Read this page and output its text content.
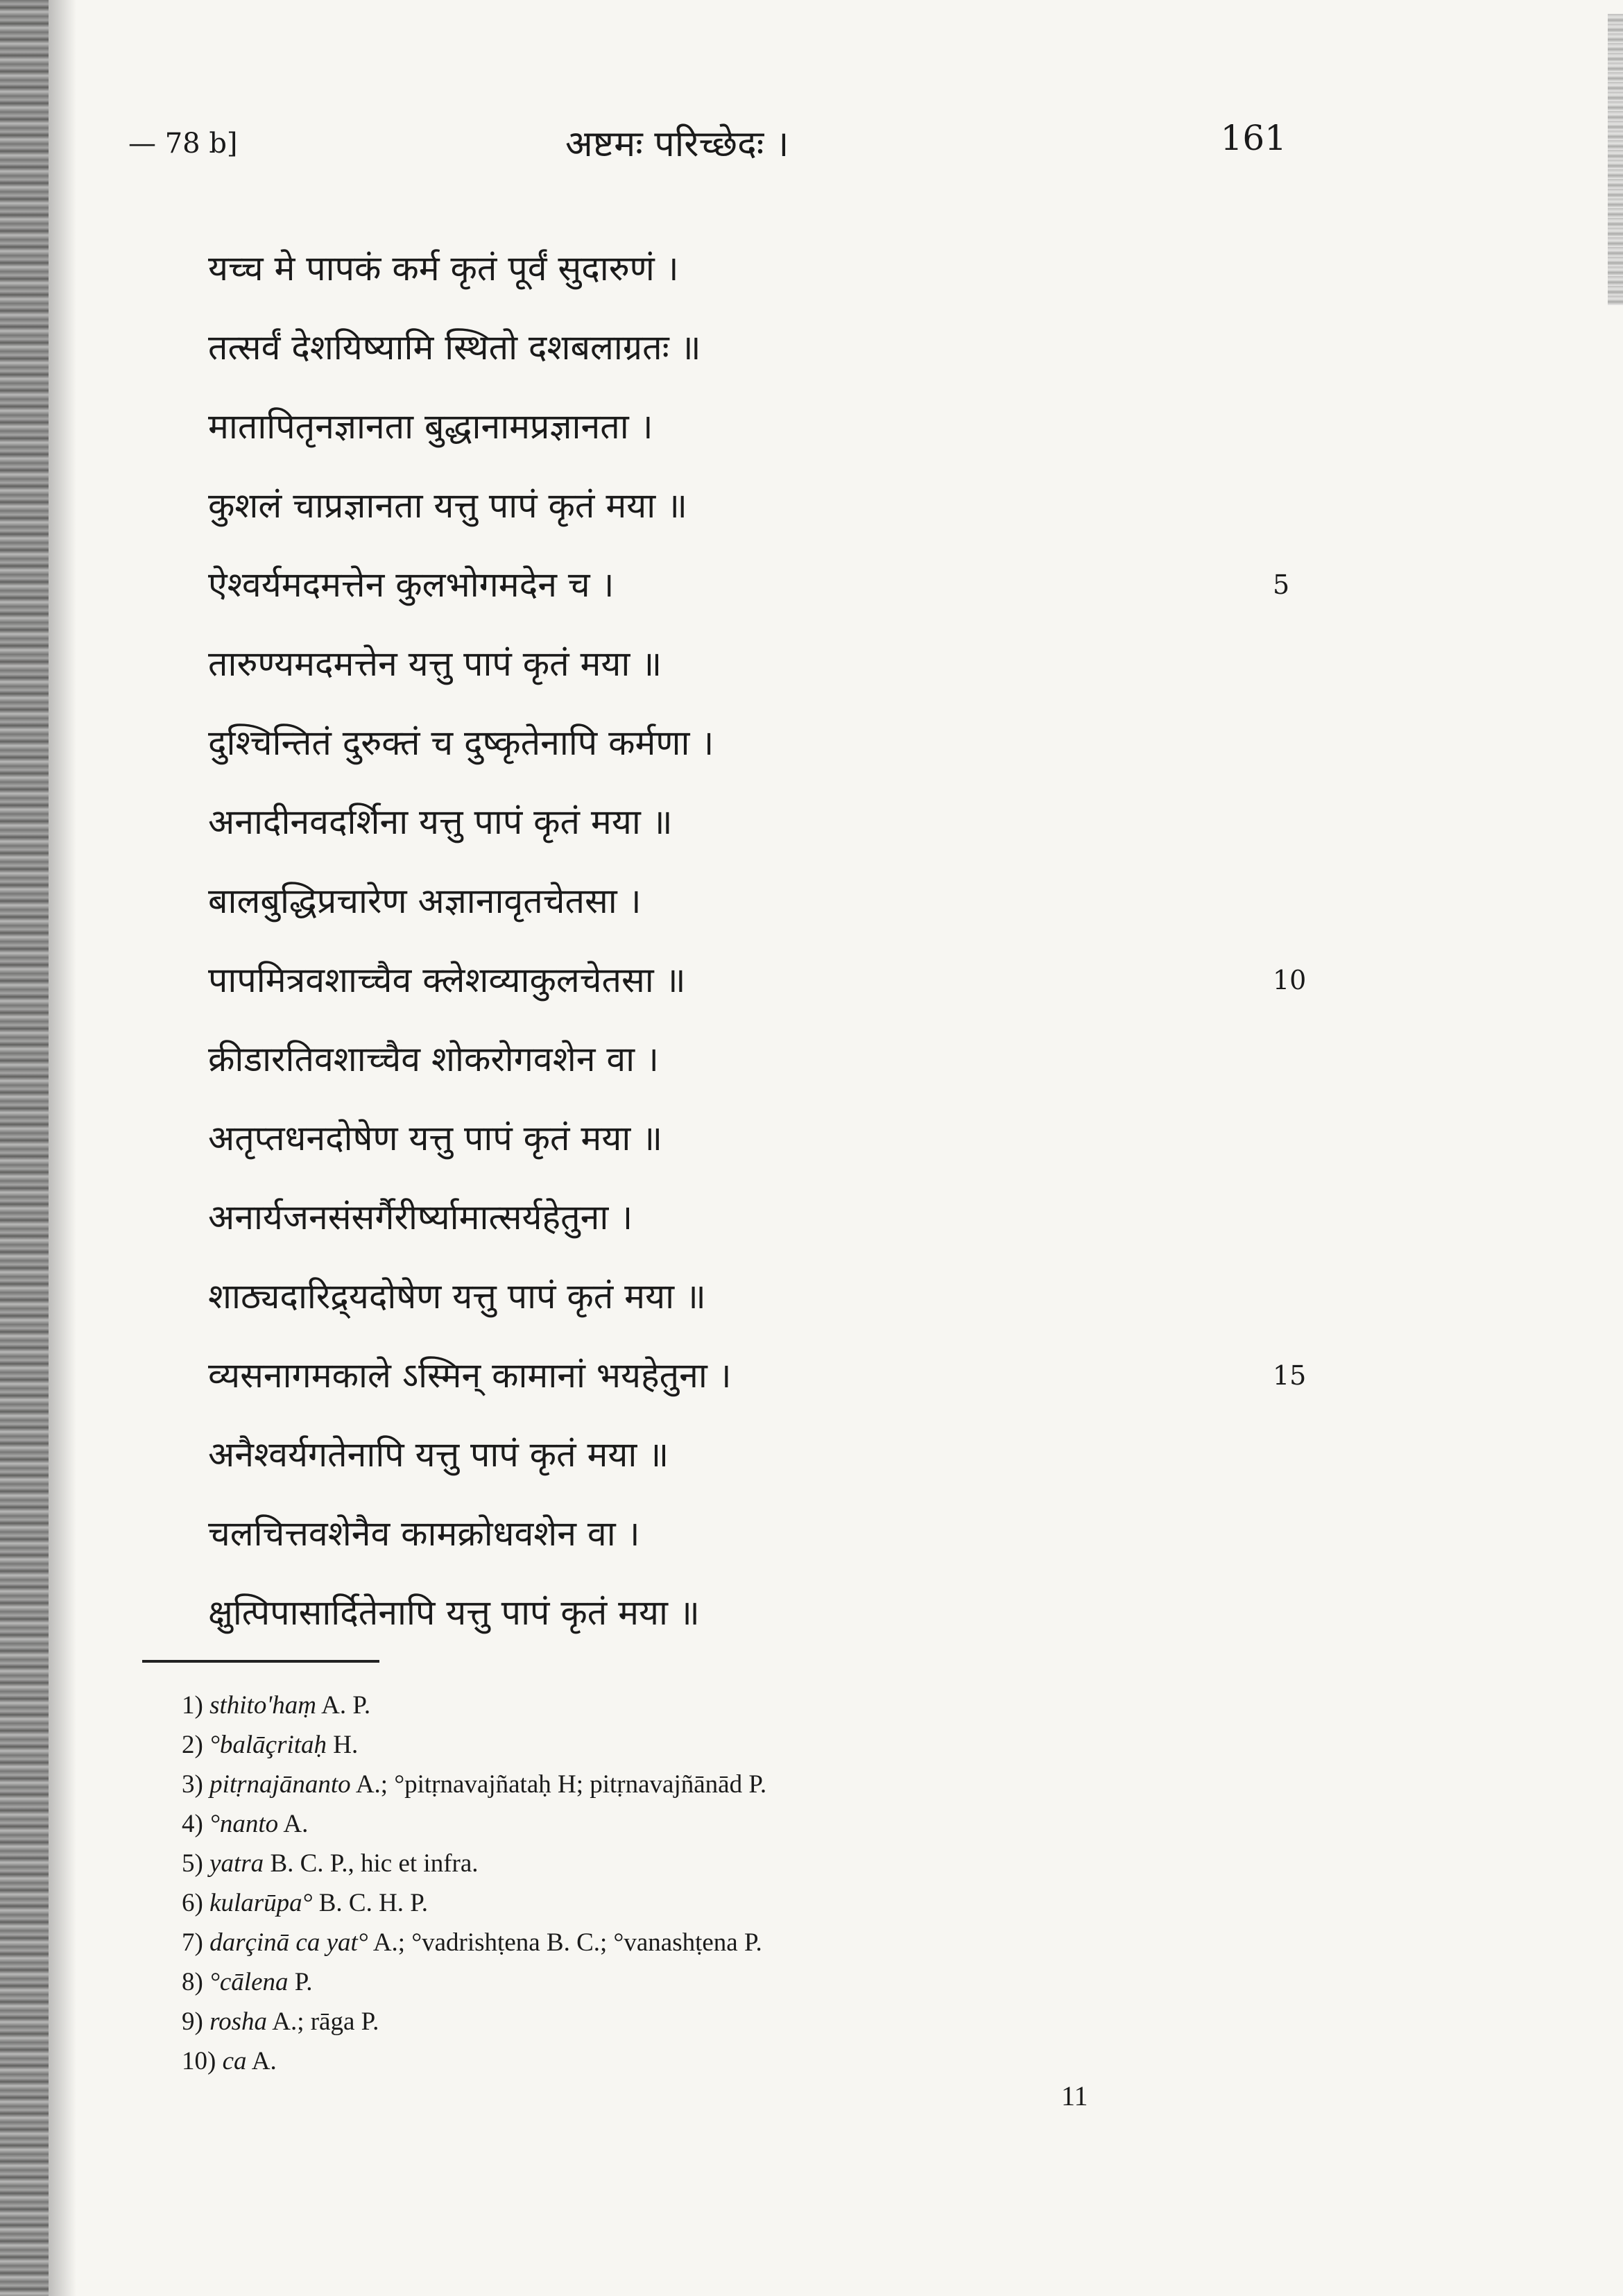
— 78 b]	अष्टमः परिच्छेदः ।	161
यच्च मे पापकं कर्म कृतं पूर्वं सुदारुणं ।
तत्सर्वं देशयिष्यामि स्थितो दशबलाग्रतः ॥
मातापितृनज्ञानता बुद्धानामप्रज्ञानता ।
कुशलं चाप्रज्ञानता यत्तु पापं कृतं मया ॥
ऐश्वर्यमदमत्तेन कुलभोगमदेन च ।	5
तारुण्यमदमत्तेन यत्तु पापं कृतं मया ॥
दुश्चिन्तितं दुरुक्तं च दुष्कृतेनापि कर्मणा ।
अनादीनवदर्शिना यत्तु पापं कृतं मया ॥
बालबुद्धिप्रचारेण अज्ञानावृतचेतसा ।
पापमित्रवशाच्चैव क्लेशव्याकुलचेतसा ॥	10
क्रीडारतिवशाच्चैव शोकरोगवशेन वा ।
अतृप्तधनदोषेण यत्तु पापं कृतं मया ॥
अनार्यजनसंसर्गैरीर्ष्यामात्सर्यहेतुना ।
शाठ्यदारिद्र्यदोषेण यत्तु पापं कृतं मया ॥
व्यसनागमकाले ऽस्मिन् कामानां भयहेतुना ।	15
अनैश्वर्यगतेनापि यत्तु पापं कृतं मया ॥
चलचित्तवशेनैव कामक्रोधवशेन वा ।
क्षुत्पिपासार्दितेनापि यत्तु पापं कृतं मया ॥
1) sthito'haṃ A. P.
2) °balāçritaḥ H.
3) pitṛnajānanto A.; °pitṛnavajñataḥ H; pitṛnavajñānād P.
4) °nanto A.
5) yatra B. C. P., hic et infra.
6) kularūpa° B. C. H. P.
7) darçinā ca yat° A.; °vadrishṭena B. C.; °vanashṭena P.
8) °cālena P.
9) rosha A.; rāga P.
10) ca A.
11
